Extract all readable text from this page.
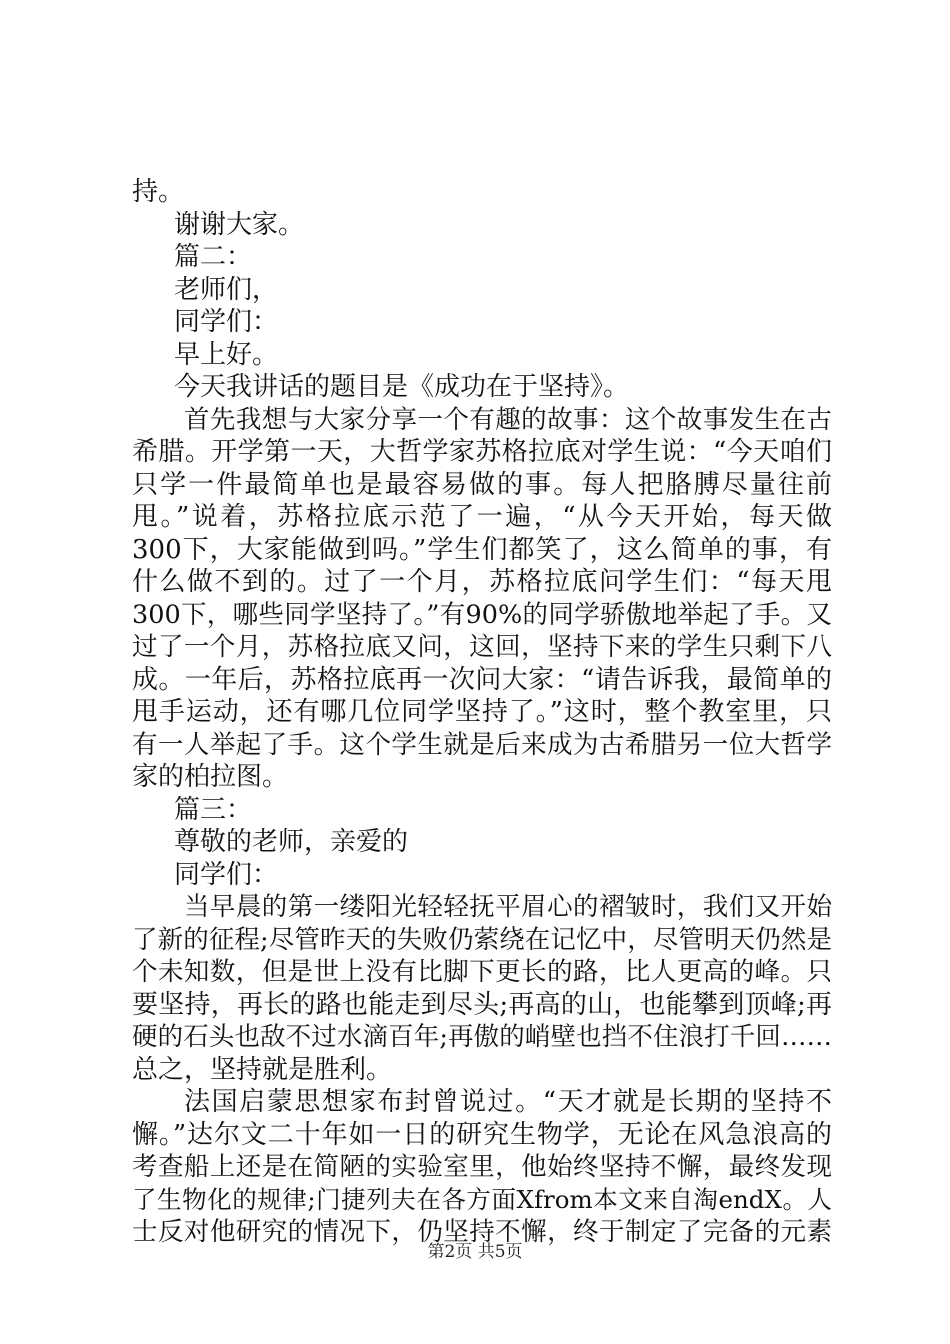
持。
谢谢大家。
篇二：
老师们，
同学们：
早上好。
今天我讲话的题目是《成功在于坚持》。
首先我想与大家分享一个有趣的故事：这个故事发生在古
希腊。开学第一天，大哲学家苏格拉底对学生说：“今天咱们
只学一件最简单也是最容易做的事。每人把胳膊尽量往前
甩。”说着，苏格拉底示范了一遍，“从今天开始，每天做
300下，大家能做到吗。”学生们都笑了，这么简单的事，有
什么做不到的。过了一个月，苏格拉底问学生们：“每天甩
300下，哪些同学坚持了。”有90%的同学骄傲地举起了手。又
过了一个月，苏格拉底又问，这回，坚持下来的学生只剩下八
成。一年后，苏格拉底再一次问大家：“请告诉我，最简单的
甩手运动，还有哪几位同学坚持了。”这时，整个教室里，只
有一人举起了手。这个学生就是后来成为古希腊另一位大哲学
家的柏拉图。
篇三：
尊敬的老师，亲爱的
同学们：
当早晨的第一缕阳光轻轻抚平眉心的褶皱时，我们又开始
了新的征程;尽管昨天的失败仍萦绕在记忆中，尽管明天仍然是
个未知数，但是世上没有比脚下更长的路，比人更高的峰。只
要坚持，再长的路也能走到尽头;再高的山，也能攀到顶峰;再
硬的石头也敌不过水滴百年;再傲的峭壁也挡不住浪打千回……
总之，坚持就是胜利。
法国启蒙思想家布封曾说过。“天才就是长期的坚持不
懈。”达尔文二十年如一日的研究生物学，无论在风急浪高的
考查船上还是在简陋的实验室里，他始终坚持不懈，最终发现
了生物化的规律;门捷列夫在各方面Xfrom本文来自淘endX。人
士反对他研究的情况下，仍坚持不懈，终于制定了完备的元素
第2页 共5页
